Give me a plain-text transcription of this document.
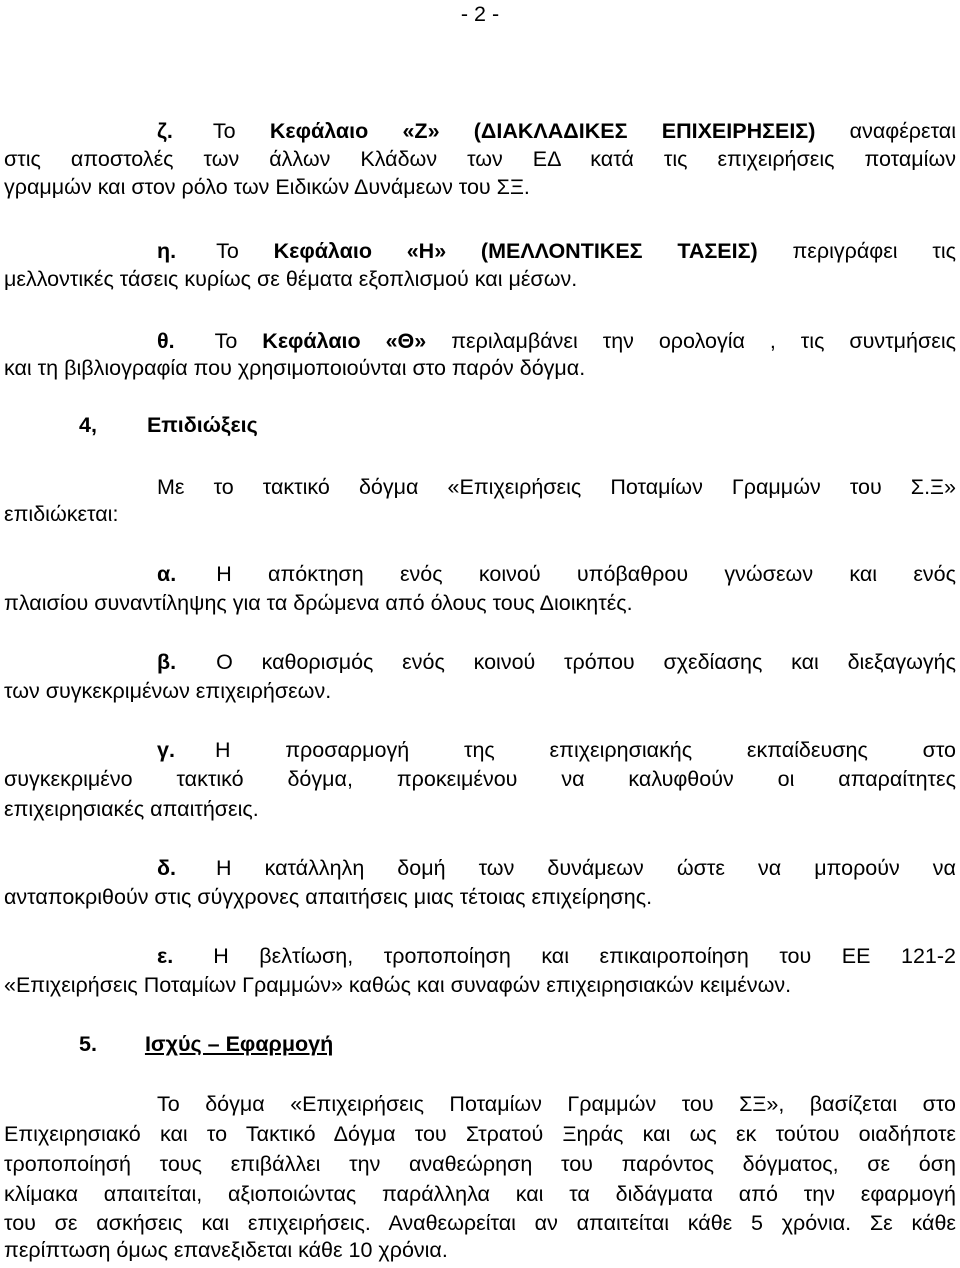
- 2 -
ζ. Το Κεφάλαιο «Ζ» (ΔΙΑΚΛΑΔΙΚΕΣ ΕΠΙΧΕΙΡΗΣΕΙΣ) αναφέρεται
στις αποστολές των άλλων Κλάδων των ΕΔ κατά τις επιχειρήσεις ποταμίων
γραμμών και στον ρόλο των Ειδικών Δυνάμεων του ΣΞ.
η. Το Κεφάλαιο «Η» (ΜΕΛΛΟΝΤΙΚΕΣ ΤΑΣΕΙΣ) περιγράφει τις
μελλοντικές τάσεις κυρίως σε θέματα εξοπλισμού και μέσων.
θ. Το Κεφάλαιο «Θ» περιλαμβάνει την ορολογία , τις συντμήσεις
και τη βιβλιογραφία που χρησιμοποιούνται στο παρόν δόγμα.
4, Επιδιώξεις
Με το τακτικό δόγμα «Επιχειρήσεις Ποταμίων Γραμμών του Σ.Ξ»
επιδιώκεται:
α. Η απόκτηση ενός κοινού υπόβαθρου γνώσεων και ενός
πλαισίου συναντίληψης για τα δρώμενα από όλους τους Διοικητές.
β. Ο καθορισμός ενός κοινού τρόπου σχεδίασης και διεξαγωγής
των συγκεκριμένων επιχειρήσεων.
γ. Η προσαρμογή της επιχειρησιακής εκπαίδευσης στο
συγκεκριμένο τακτικό δόγμα, προκειμένου να καλυφθούν οι απαραίτητες
επιχειρησιακές απαιτήσεις.
δ. Η κατάλληλη δομή των δυνάμεων ώστε να μπορούν να
ανταποκριθούν στις σύγχρονες απαιτήσεις μιας τέτοιας επιχείρησης.
ε. Η βελτίωση, τροποποίηση και επικαιροποίηση του ΕΕ 121-2
«Επιχειρήσεις Ποταμίων Γραμμών» καθώς και συναφών επιχειρησιακών κειμένων.
5. Ισχύς – Εφαρμογή
Το δόγμα «Επιχειρήσεις Ποταμίων Γραμμών του ΣΞ», βασίζεται στο
Επιχειρησιακό και το Τακτικό Δόγμα του Στρατού Ξηράς και ως εκ τούτου οιαδήποτε
τροποποίησή τους επιβάλλει την αναθεώρηση του παρόντος δόγματος, σε όση
κλίμακα απαιτείται, αξιοποιώντας παράλληλα και τα διδάγματα από την εφαρμογή
του σε ασκήσεις και επιχειρήσεις. Αναθεωρείται αν απαιτείται κάθε 5 χρόνια. Σε κάθε
περίπτωση όμως επανεξιδεται κάθε 10 χρόνια.
